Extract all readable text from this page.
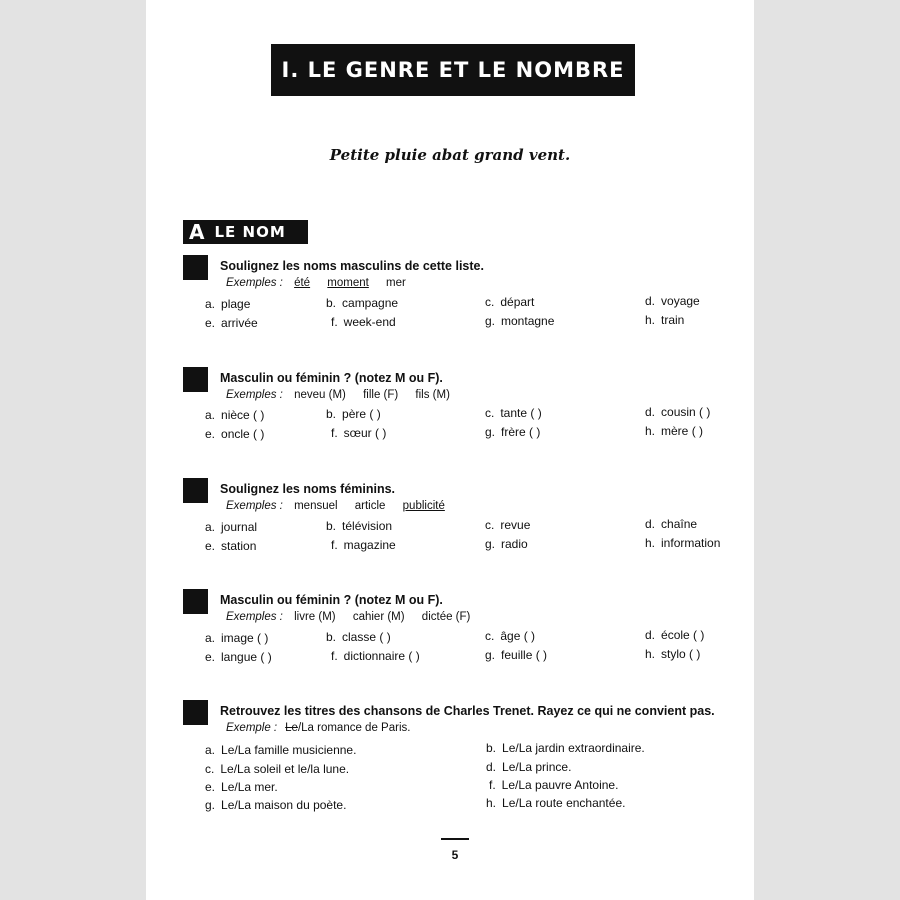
I. LE GENRE ET LE NOMBRE
Petite pluie abat grand vent.
A LE NOM
Soulignez les noms masculins de cette liste.
Exemples : été moment mer
a. plage	b. campagne	c. départ	d. voyage
e. arrivée	f. week-end	g. montagne	h. train
Masculin ou féminin ? (notez M ou F).
Exemples : neveu (M) fille (F) fils (M)
a. nièce ( )	b. père ( )	c. tante ( )	d. cousin ( )
e. oncle ( )	f. sœur ( )	g. frère ( )	h. mère ( )
Soulignez les noms féminins.
Exemples : mensuel article publicité
a. journal	b. télévision	c. revue	d. chaîne
e. station	f. magazine	g. radio	h. information
Masculin ou féminin ? (notez M ou F).
Exemples : livre (M) cahier (M) dictée (F)
a. image ( )	b. classe ( )	c. âge ( )	d. école ( )
e. langue ( )	f. dictionnaire ( )	g. feuille ( )	h. stylo ( )
Retrouvez les titres des chansons de Charles Trenet. Rayez ce qui ne convient pas.
Exemple : Le/La romance de Paris.
a. Le/La famille musicienne.	b. Le/La jardin extraordinaire.
c. Le/La soleil et le/la lune.	d. Le/La prince.
e. Le/La mer.	f. Le/La pauvre Antoine.
g. Le/La maison du poète.	h. Le/La route enchantée.
5
